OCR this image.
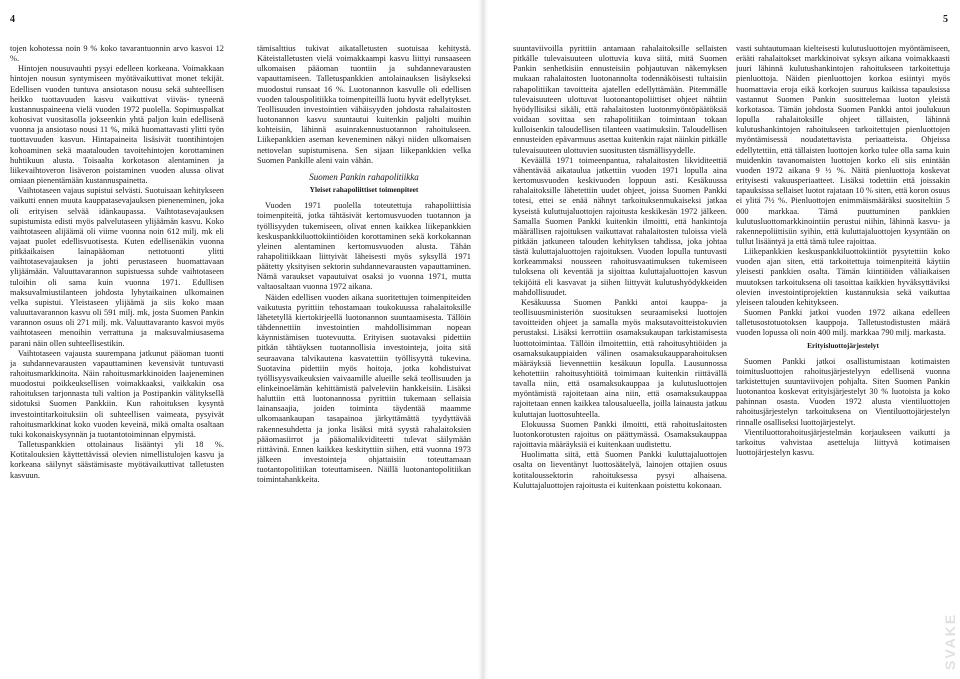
4	5

tojen kohotessa noin 9 % koko tavarantuonnin arvo kasvoi 12 %.

Hintojen nousuvauhti pysyi edelleen korkeana. Voimakkaan hintojen nousun syntymiseen myötävaikuttivat monet tekijät. Edellisen vuoden tuntuva ansiotason nousu sekä suhteellisen heikko tuottavuuden kasvu vaikuttivat viiväs- tyneenä kustannuspaineena vielä vuoden 1972 puolella. Sopimuspalkat kohosivat vuositasolla jokseenkin yhtä paljon kuin edellisenä vuonna ja ansiotaso nousi 11 %, mikä huomattavasti ylitti työn tuottavuuden kasvun. Hintapaineita lisäsivät tuontihintojen kohoaminen sekä maatalouden tavoitehintojen korottaminen huhtikuun alusta. Toisaalta korkotason alentaminen ja liikevaihtoveron lisäveron poistaminen vuoden alussa olivat omiaan pienentämään kustannuspainetta.

Vaihtotaseen vajaus supistui selvästi. Suotuisaan kehitykseen vaikutti ennen muuta kauppatasevajauksen pieneneminen, joka oli erityisen selvää idänkaupassa. Vaihtotasevajauksen supistumista edisti myös palvelutaseen ylijäämän kasvu. Koko vaihtotaseen alijäämä oli viime vuonna noin 612 milj. mk eli vajaat puolet edellisvuotisesta. Kuten edellisenäkin vuonna pitkäaikaisen lainapääoman nettotuonti ylitti vaihtotasevajauksen ja johti perustaseen huomattavaan ylijäämään. Valuuttavarannon supistuessa suhde vaihtotaseen tuloihin oli sama kuin vuonna 1971. Edullisen maksuvalmiustilanteen johdosta lyhytaikainen ulkomainen velka supistui. Yleistaseen ylijäämä ja siis koko maan valuuttavarannon kasvu oli 591 milj. mk, josta Suomen Pankin varannon osuus oli 271 milj. mk. Valuuttavaranto kasvoi myös vaihtotaseen menoihin verrattuna ja maksuvalmiusasema parani näin ollen suhteellisestikin.

Vaihtotaseen vajausta suurempana jatkunut pääoman tuonti ja suhdannevarausten vapauttaminen kevensivät tuntuvasti rahoitusmarkkinoita. Näin rahoitusmarkkinoiden laajeneminen muodostui poikkeuksellisen voimakkaaksi, vaikkakin osa rahoituksen tarjonnasta tuli valtion ja Postipankin välityksellä sidotuksi Suomen Pankkiin. Kun rahoituksen kysyntä investointitarkoituksiin oli suhteellisen vaimeata, pysyivät rahoitusmarkkinat koko vuoden keveinä, mikä omalta osaltaan tuki kokonaiskysynnän ja tuotantotoiminnan elpymistä.

Talletuspankkien ottolainaus lisääntyi yli 18 %. Kotitalouksien käyttettävissä olevien nimellistulojen kasvu ja korkeana säilynyt säästämisaste myötävaikuttivat talletusten kasvuun.

tämisalttius tukivat aikatalletusten suotuisaa kehitystä. Käteistalletusten vielä voimakkaampi kasvu liittyi runsaaseen ulkomaisen pääoman tuontiin ja suhdannevarausten vapauttamiseen. Talletuspankkien antolainauksen lisäykseksi muodostui runsaat 16 %. Luotonannon kasvulle oli edellisen vuoden talouspolitiikka toimenpiteillä luotu hyvät edellytykset. Teollisuuden investointien vähäisyyden johdosta rahalaitosten luotonannon kasvu suuntautui kuitenkin paljolti muihin kohteisiin, lähinnä asuinrakennustuotannon rahoitukseen. Liikepankkien aseman keveneminen näkyi niiden ulkomaisen nettovelan supistumisena. Sen sijaan liikepankkien velka Suomen Pankille aleni vain vähän.

Suomen Pankin rahapolitiikka
Yleiset rahapoliittiset toimenpiteet

Vuoden 1971 puolella toteutettuja rahapoliittisia toimenpiteitä, jotka tähtäsivät kertomusvuoden tuotannon ja työllisyyden tukemiseen, olivat ennen kaikkea liikepankkien keskuspankkiluottokiintiöiden korottaminen sekä korkokannan yleinen alentaminen kertomusvuoden alusta. Tähän rahapolitiikkaan liittyivät läheisesti myös syksyllä 1971 päätetty yksityisen sektorin suhdannevarausten vapauttaminen. Nämä varaukset vapautuivat osaksi jo vuonna 1971, mutta valtaosaltaan vuonna 1972 aikana.

Näiden edellisen vuoden aikana suoritettujen toimenpiteiden vaikutusta pyrittiin tehostamaan toukokuussa rahalaitoksille lähetetyllä kiertokirjeellä luotonannon suuntaamisesta. Tällöin tähdennettiin investointien mahdollisimman nopean käynnistämisen tuotevuutta. Erityisen suotavaksi pidettiin pitkän tähtäyksen tuotannollisia investointeja, joita sitä seuraavana talvikautena kasvatettiin työllisyyttä tukevina. Suotavina pidettiin myös hoitoja, jotka kohdistuivat työllisyysvaikeuksien vaivaamille alueille sekä teollisuuden ja elinkeinoelämän kehittämistä palveleviin hankkeisiin. Lisäksi haluttiin että luotonannossa pyrittiin tukemaan sellaisia lainansaajia, joiden toiminta täydentää maamme ulkomaankaupan tasapainoa järkyttämättä tyydyttävää rakennesuhdetta ja jonka lisäksi mitä syystä rahalaitoksien pääomasiirrot ja pääomalikviditeetti tulevat säilymään riittävinä. Ennen kaikkea keskityttiin siihen, että vuonna 1973 jälkeen investointeja ohjattaisiin toteuttamaan tuotantopolitiikan toteuttamiseen. Näillä luotonantopolitiikan toimintahankkeita.

suuntaviivoilla pyrittiin antamaan rahalaitoksille sellaisten pitkälle tulevaisuuteen ulottuvia kuva siitä, mitä Suomen Pankin senhetkisiin ennusteisiin pohjautuvan näkemyksen mukaan rahalaitosten luotonannolta todennäköisesti tultaisiin rahapolitiikan tavoitteita ajatellen edellyttämään. Pitemmälle tulevaisuuteen ulottuvat luotonantopoliittiset ohjeet nähtiin hyödyllisiksi sikäli, että rahalaitosten luotonmyöntöpäätöksiä voidaan sovittaa sen rahapolitiikan toimintaan tokaan kulloisenkin taloudellisen tilanteen vaatimuksiin. Taloudellisen ennusteiden epävarmuus asettaa kuitenkin rajat näinkin pitkälle tulevaisuuteen ulottuvien suositusten täsmällisyydelle.

Keväällä 1971 toimeenpantua, rahalaitosten likviditeettiä vähentävää aikataulua jatkettiin vuoden 1971 lopulla aina kertomusvuoden keskivuoden loppuun asti. Kesäkuussa rahalaitoksille lähetettiin uudet ohjeet, joissa Suomen Pankki totesi, ettei se enää nähnyt tarkoituksenmukaiseksi jatkaa kyseistä kuluttujaluottojen rajoitusta keskikesän 1972 jälkeen. Samalla Suomen Pankki kuitenkin ilmoitti, että hankintoja määrällisen rajoituksen vaikuttavat rahalaitosten tuloissa vielä pitkään jatkuneen talouden kehityksen tahdissa, joka johtaa tästä kuluttajaluottojen rajoituksen. Vuoden lopulla tuntuvasti korkeammaksi nousseen rahoitusvaatimuksen tukemiseen tuloksena oli keventää ja sijoittaa kuluttajaluottojen kasvun tekijöitä eli kasvavat ja siihen liittyvät kulutushyödykkeiden mahdollisuudet.

Kesäkuussa Suomen Pankki antoi kauppa- ja teollisuusministeriön suosituksen seuraamiseksi luottojen tavoitteiden ohjeet ja samalla myös maksutavoitteistokuvien perustaksi. Lisäksi kerrottiin osamaksukaupan tarkistamisesta luottotoimintaa. Tällöin ilmoitettiin, että rahoitusyhtiöiden ja osamaksukauppiaiden välinen osamaksukaupparahoituksen määräyksiä lievennettiin kesäkuun lopulla. Lausunnossa kehotettiin rahoitusyhtiöitä toimimaan kuitenkin riittävällä tavalla niin, että osamaksukauppaa ja kulutusluottojen myöntämistä rajoitetaan aina niin, että osamaksukauppaa rajoitetaan ennen kaikkea talousalueella, joilla lainausta jatkuu kuluttajan luottosuhteella.

Elokuussa Suomen Pankki ilmoitti, että rahoituslaitosten luotonkorotusten rajoitus on päättymässä. Osamaksukauppaa rajoittavia määräyksiä ei kuitenkaan uudistettu.

Huolimatta siitä, että Suomen Pankki kuluttajaluottojen osalta on lieventänyt luottosäätelyä, lainojen ottajien osuus kotitaloussektorin rahoituksessa pysyi alhaisena. Kuluttajaluottojen rajoitusta ei kuitenkaan poistettu kokonaan.

vasti suhtautumaan kielteisesti kulutusluottojen myöntämiseen, erääti rahalaitokset markkinoivat syksyn aikana voimakkaasti juuri lähinnä kulutushankintojen rahoitukseen tarkoitettuja pienluottoja. Näiden pienluottojen korkoa esiintyi myös huomattavia eroja eikä korkojen suuruus kaikissa tapauksissa vastannut Suomen Pankin suosittelemaa luoton yleistä korkotasoa. Tämän johdosta Suomen Pankki antoi joulukuun lopulla rahalaitoksille ohjeet tällaisten, lähinnä kulutushankintojen rahoitukseen tarkoitettujen pienluottojen myöntämisessä noudatettavista periaatteista. Ohjeissa edellytettiin, että tällaisten luottojen korko tulee olla sama kuin muidenkin tavanomaisten luottojen korko eli siis enintään vuoden 1972 aikana 9 ½ %. Näitä pienluottoja koskevat erityisesti vakuusperiaatteet. Lisäksi todettiin että joissakin tapauksissa sellaiset luotot rajataan 10 % siten, että koron osuus ei ylitä 7½ %. Pienluottojen enimmäismääräksi suositeltiin 5 000 markkaa. Tämä puuttuminen pankkien kulutusluottomarkkinointiin perustui niihin, lähinnä kasvu- ja rakennepoliittisiin syihin, että kuluttajaluottojen kysyntään on tullut lisääntyä ja että tämä tulee rajoittaa.

Liikepankkien keskuspankkiluottokiintiöt pysytettiin koko vuoden ajan siten, että tarkoitettuja toimenpiteitä käytiin yleisesti pankkien osalta. Tämän kiintiöiden väliaikaisen muutoksen tarkoituksena oli tasoittaa kaikkien hyväksyttäviksi olevien investointiprojektien kustannuksia sekä vaikuttaa yleiseen talouden kehitykseen.

Suomen Pankki jatkoi vuoden 1972 aikana edelleen talletusostotuotoksen kauppoja. Talletustodistusten määrä vuoden lopussa oli noin 400 milj. markkaa 790 milj. markasta.

Erityisluottojärjestelyt

Suomen Pankki jatkoi osallistumistaan kotimaisten toimitusluottojen rahoitusjärjestelyyn edellisenä vuonna tarkistettujen suuntaviivojen pohjalta. Siten Suomen Pankin luotonantoa koskevat erityisjärjestelyt 30 % luotoista ja koko pahinnan osasta. Vuoden 1972 alusta vientiluottojen rahoitusjärjestelyn tarkoituksena on Vientiluottojärjestelyn rinnalle osalliseksi luottojärjestelyt.

Vientiluottorahoitusjärjestelmän korjaukseen vaikutti ja tarkoitus vahvistaa asetteluja liittyvä kotimaisen luottojärjestelyn kasvu.

SVAKE
